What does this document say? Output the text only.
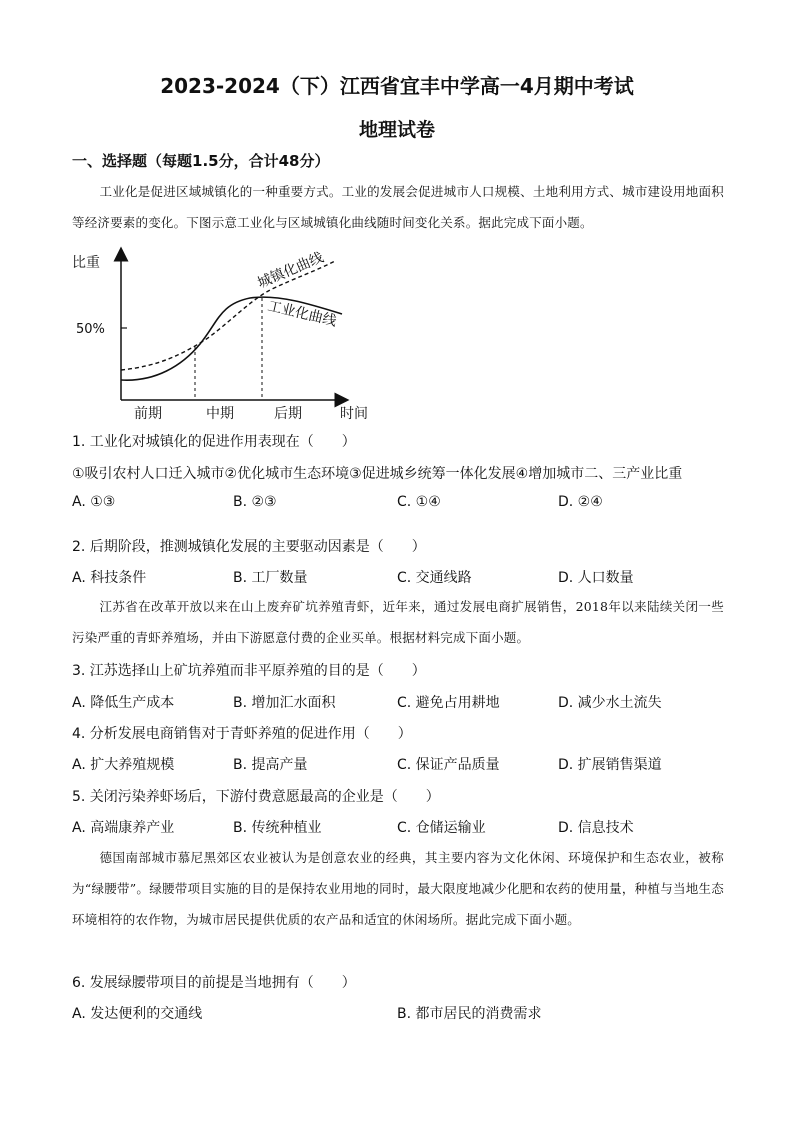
2023-2024（下）江西省宜丰中学高一4月期中考试
地理试卷
一、选择题（每题1.5分，合计48分）
工业化是促进区域城镇化的一种重要方式。工业的发展会促进城市人口规模、土地利用方式、城市建设用地面积等经济要素的变化。下图示意工业化与区域城镇化曲线随时间变化关系。据此完成下面小题。
比重
50%
前期	中期	后期	时间
城镇化曲线
工业化曲线
1. 工业化对城镇化的促进作用表现在（　　）
①吸引农村人口迁入城市②优化城市生态环境③促进城乡统筹一体化发展④增加城市二、三产业比重
A. ①③	B. ②③	C. ①④	D. ②④
2. 后期阶段，推测城镇化发展的主要驱动因素是（　　）
A. 科技条件	B. 工厂数量	C. 交通线路	D. 人口数量
江苏省在改革开放以来在山上废弃矿坑养殖青虾，近年来，通过发展电商扩展销售，2018年以来陆续关闭一些污染严重的青虾养殖场，并由下游愿意付费的企业买单。根据材料完成下面小题。
3. 江苏选择山上矿坑养殖而非平原养殖的目的是（　　）
A. 降低生产成本	B. 增加汇水面积	C. 避免占用耕地	D. 减少水土流失
4. 分析发展电商销售对于青虾养殖的促进作用（　　）
A. 扩大养殖规模	B. 提高产量	C. 保证产品质量	D. 扩展销售渠道
5. 关闭污染养虾场后，下游付费意愿最高的企业是（　　）
A. 高端康养产业	B. 传统种植业	C. 仓储运输业	D. 信息技术
德国南部城市慕尼黑郊区农业被认为是创意农业的经典，其主要内容为文化休闲、环境保护和生态农业，被称为“绿腰带”。绿腰带项目实施的目的是保持农业用地的同时，最大限度地减少化肥和农药的使用量，种植与当地生态环境相符的农作物，为城市居民提供优质的农产品和适宜的休闲场所。据此完成下面小题。
6. 发展绿腰带项目的前提是当地拥有（　　）
A. 发达便利的交通线	B. 都市居民的消费需求
